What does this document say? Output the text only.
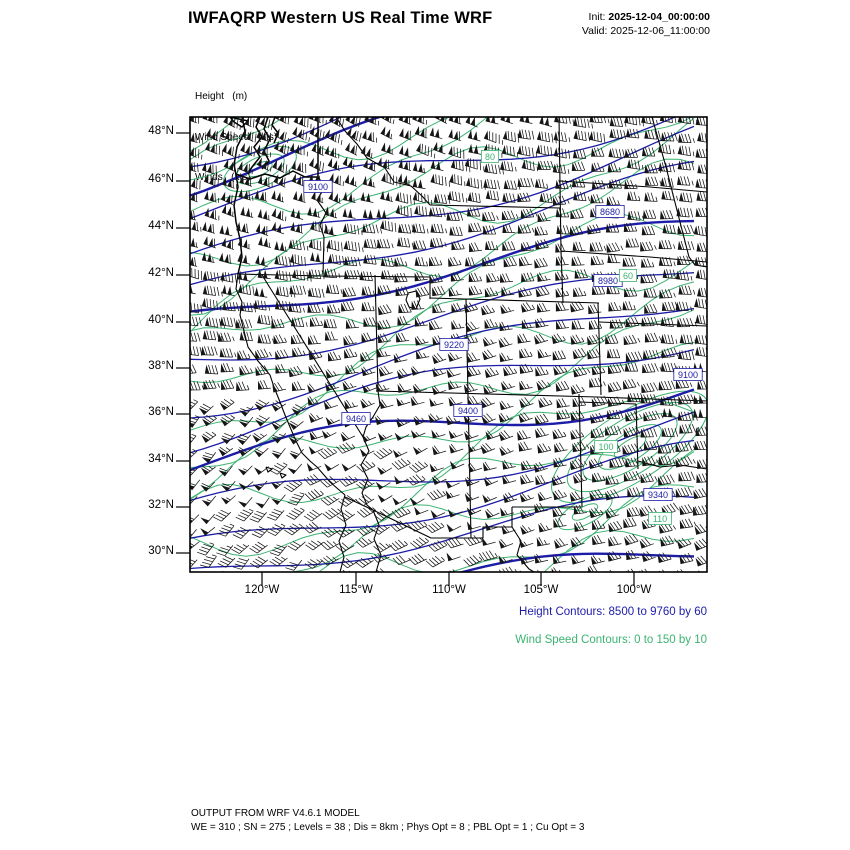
IWFAQRP Western US Real Time WRF	Init: 2025-12-04_00:00:00
Valid: 2025-12-06_11:00:00

Height   (m)

Wind Speed   (kts)

Winds   (kts)

9100
8680
8980
9220
9100
9400
9460
9340
80
60
100
110
48°N
46°N
44°N
42°N
40°N
38°N
36°N
34°N
32°N
30°N
120°W	115°W	110°W	105°W	100°W
Height Contours: 8500 to 9760 by 60
Wind Speed Contours: 0 to 150 by 10
OUTPUT FROM WRF V4.6.1 MODEL
WE = 310 ; SN = 275 ; Levels = 38 ; Dis = 8km ; Phys Opt = 8 ; PBL Opt = 1 ; Cu Opt = 3
